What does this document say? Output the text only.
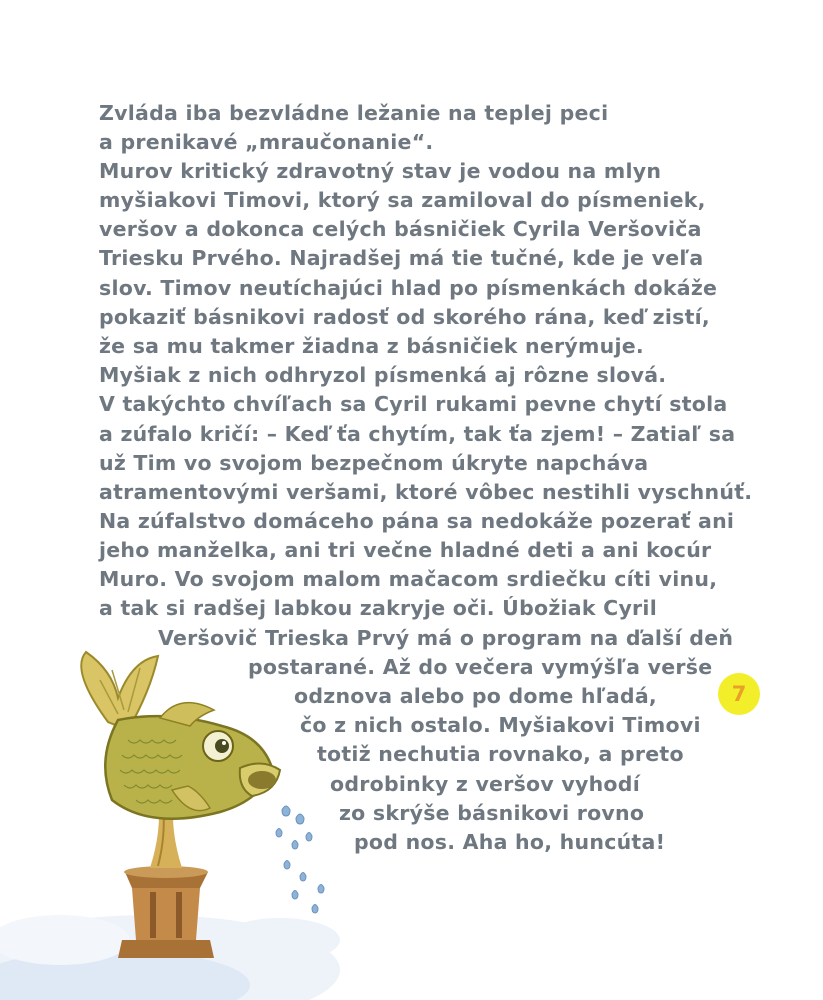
Zvláda iba bezvládne ležanie na teplej peci
a prenikavé „mraučonanie“.
Murov kritický zdravotný stav je vodou na mlyn
myšiakovi Timovi, ktorý sa zamiloval do písmeniek,
veršov a dokonca celých básničiek Cyrila Veršoviča
Triesku Prvého. Najradšej má tie tučné, kde je veľa
slov. Timov neutíchajúci hlad po písmenkách dokáže
pokaziť básnikovi radosť od skorého rána, keď zistí,
že sa mu takmer žiadna z básničiek nerýmuje.
Myšiak z nich odhryzol písmenká aj rôzne slová.
V takýchto chvíľach sa Cyril rukami pevne chytí stola
a zúfalo kričí: – Keď ťa chytím, tak ťa zjem! – Zatiaľ sa
už Tim vo svojom bezpečnom úkryte napcháva
atramentovými veršami, ktoré vôbec nestihli vyschnúť.
Na zúfalstvo domáceho pána sa nedokáže pozerať ani
jeho manželka, ani tri večne hladné deti a ani kocúr
Muro. Vo svojom malom mačacom srdiečku cíti vinu,
a tak si radšej labkou zakryje oči. Úbožiak Cyril
Veršovič Trieska Prvý má o program na ďalší deň
postarané. Až do večera vymýšľa verše
odznova alebo po dome hľadá,
čo z nich ostalo. Myšiakovi Timovi
totiž nechutia rovnako, a preto
odrobinky z veršov vyhodí
zo skrýše básnikovi rovno
pod nos. Aha ho, huncúta!
7
